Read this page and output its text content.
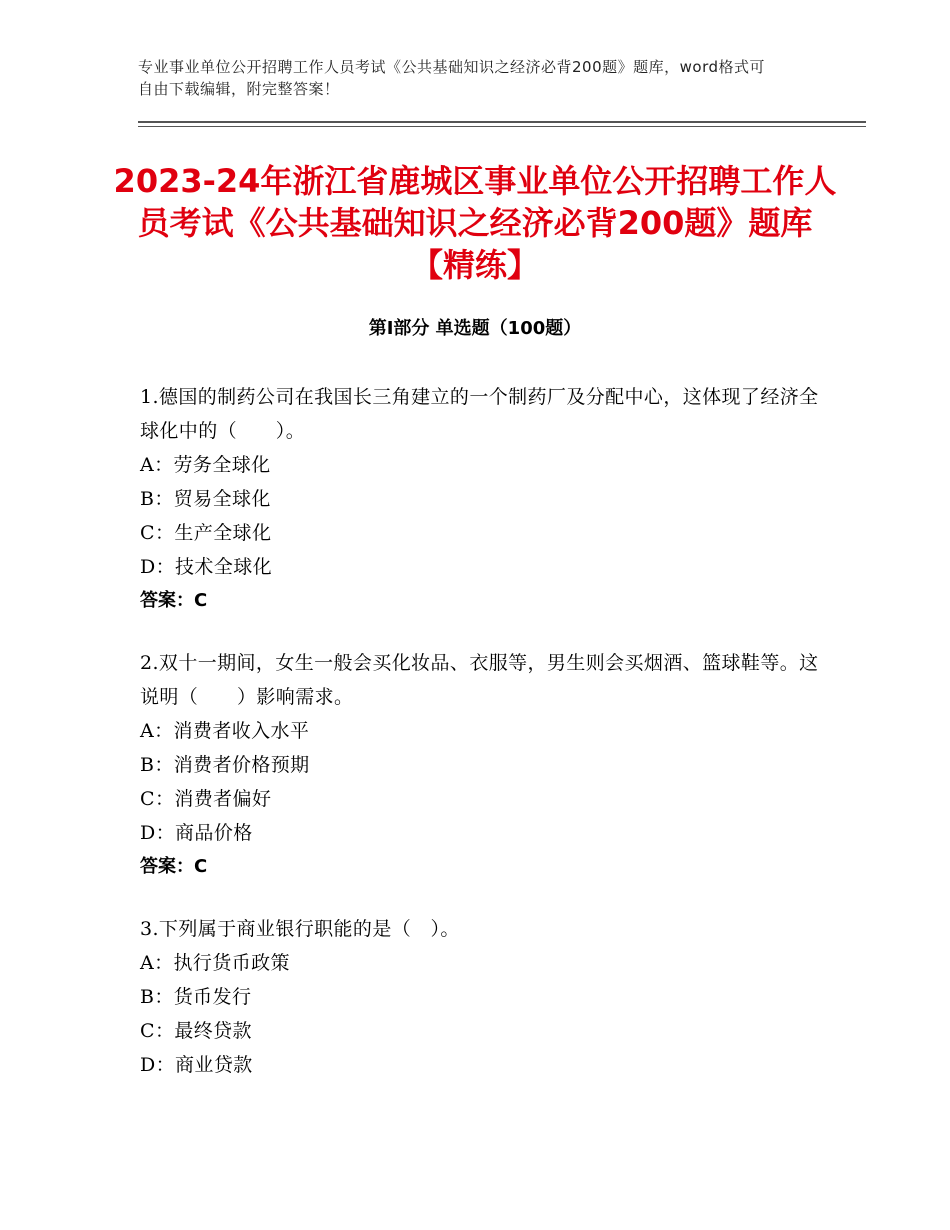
专业事业单位公开招聘工作人员考试《公共基础知识之经济必背200题》题库，word格式可自由下载编辑，附完整答案！
2023-24年浙江省鹿城区事业单位公开招聘工作人员考试《公共基础知识之经济必背200题》题库【精练】
第I部分 单选题（100题）
1.德国的制药公司在我国长三角建立的一个制药厂及分配中心，这体现了经济全球化中的（　　）。
A：劳务全球化
B：贸易全球化
C：生产全球化
D：技术全球化
答案：C
2.双十一期间，女生一般会买化妆品、衣服等，男生则会买烟酒、篮球鞋等。这说明（　　）影响需求。
A：消费者收入水平
B：消费者价格预期
C：消费者偏好
D：商品价格
答案：C
3.下列属于商业银行职能的是（　）。
A：执行货币政策
B：货币发行
C：最终贷款
D：商业贷款
